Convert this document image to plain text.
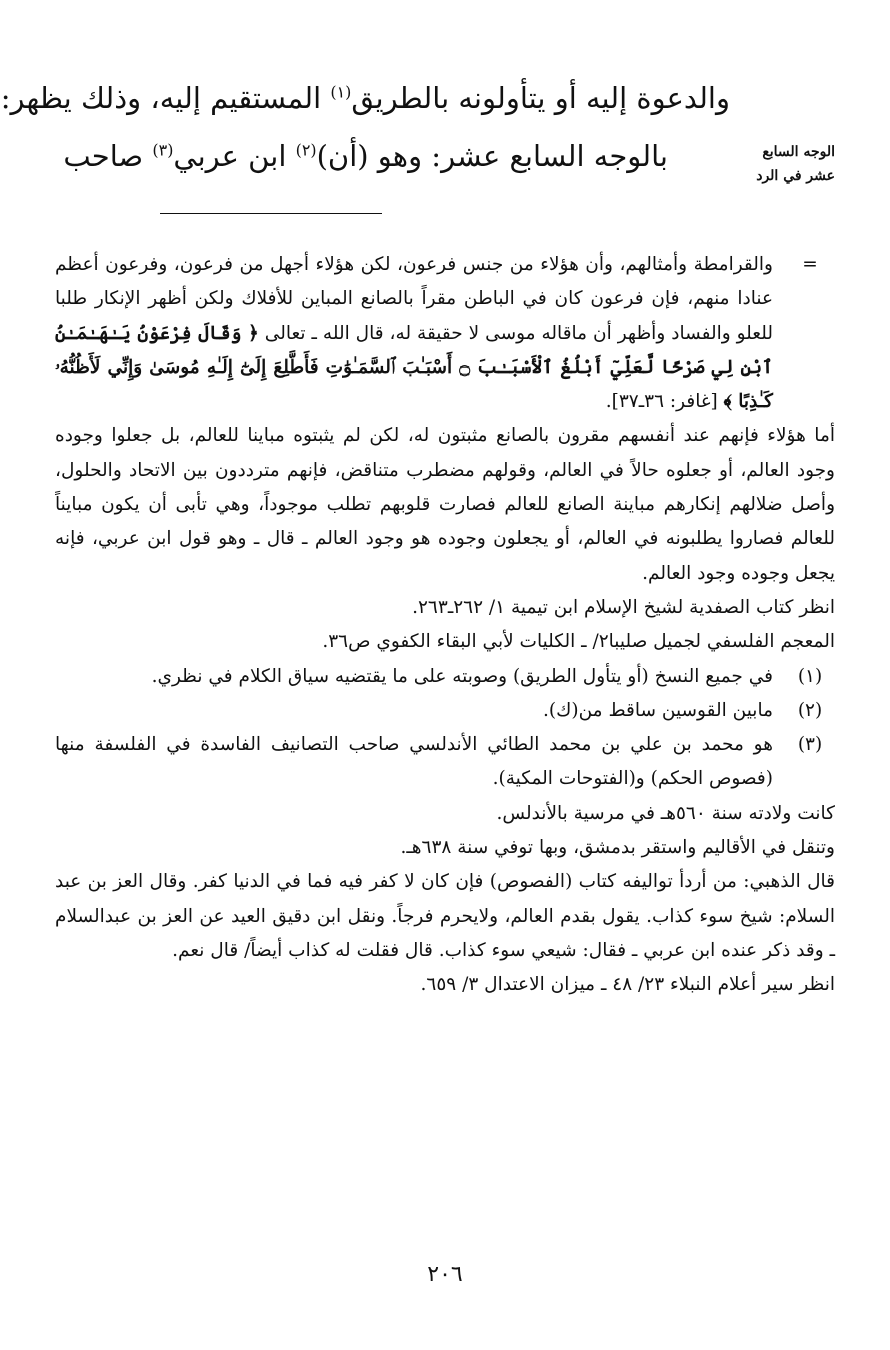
والدعوة إليه أو يتأولونه بالطريق$^{(١)}$ المستقيم إليه، وذلك يظهر:
بالوجه السابع عشر: وهو (أن)$^{(٢)}$ ابن عربي$^{(٣)}$ صاحب	الوجه السابع
عشر في الرد
=

والقرامطة وأمثالهم، وأن هؤلاء من جنس فرعون، لكن هؤلاء أجهل من فرعون، وفرعون أعظم عنادا منهم، فإن فرعون كان في الباطن مقراً بالصانع المباين للأفلاك ولكن أظهر الإنكار طلبا للعلو والفساد وأظهر أن ماقاله موسى لا حقيقة له، قال الله ـ تعالى ﴿ وَقَالَ فِرْعَوْنُ يَـٰهَـٰمَـٰنُ ٱبْنِ لِي صَرْحًا لَّعَلِّيٓ أَبْلُغُ ٱلْأَسْبَـٰبَ ۝ أَسْبَـٰبَ ٱلسَّمَـٰوَٰتِ فَأَطَّلِعَ إِلَىٰٓ إِلَـٰهِ مُوسَىٰ وَإِنِّي لَأَظُنُّهُۥ كَـٰذِبًا ﴾ [غافر: ٣٦ـ٣٧].

أما هؤلاء فإنهم عند أنفسهم مقرون بالصانع مثبتون له، لكن لم يثبتوه مباينا للعالم، بل جعلوا وجوده وجود العالم، أو جعلوه حالاً في العالم، وقولهم مضطرب متناقض، فإنهم مترددون بين الاتحاد والحلول، وأصل ضلالهم إنكارهم مباينة الصانع للعالم فصارت قلوبهم تطلب موجوداً، وهي تأبى أن يكون مبايناً للعالم فصاروا يطلبونه في العالم، أو يجعلون وجوده هو وجود العالم ـ قال ـ وهو قول ابن عربي، فإنه يجعل وجوده وجود العالم.

انظر كتاب الصفدية لشيخ الإسلام ابن تيمية ١/ ٢٦٢ـ٢٦٣.

المعجم الفلسفي لجميل صليبا٢/ ـ الكليات لأبي البقاء الكفوي ص٣٦.

(١)

في جميع النسخ (أو يتأول الطريق) وصوبته على ما يقتضيه سياق الكلام في نظري.

(٢)

مابين القوسين ساقط من(ك).

(٣)

هو محمد بن علي بن محمد الطائي الأندلسي صاحب التصانيف الفاسدة في الفلسفة منها (فصوص الحكم) و(الفتوحات المكية).

كانت ولادته سنة ٥٦٠هـ في مرسية بالأندلس.

وتنقل في الأقاليم واستقر بدمشق، وبها توفي سنة ٦٣٨هـ.

قال الذهبي: من أردأ تواليفه كتاب (الفصوص) فإن كان لا كفر فيه فما في الدنيا كفر. وقال العز بن عبد السلام: شيخ سوء كذاب. يقول بقدم العالم، ولايحرم فرجاً. ونقل ابن دقيق العيد عن العز بن عبدالسلام ـ وقد ذكر عنده ابن عربي ـ فقال: شيعي سوء كذاب. قال فقلت له كذاب أيضاً/ قال نعم.

انظر سير أعلام النبلاء ٢٣/ ٤٨ ـ ميزان الاعتدال ٣/ ٦٥٩.

٢٠٦
